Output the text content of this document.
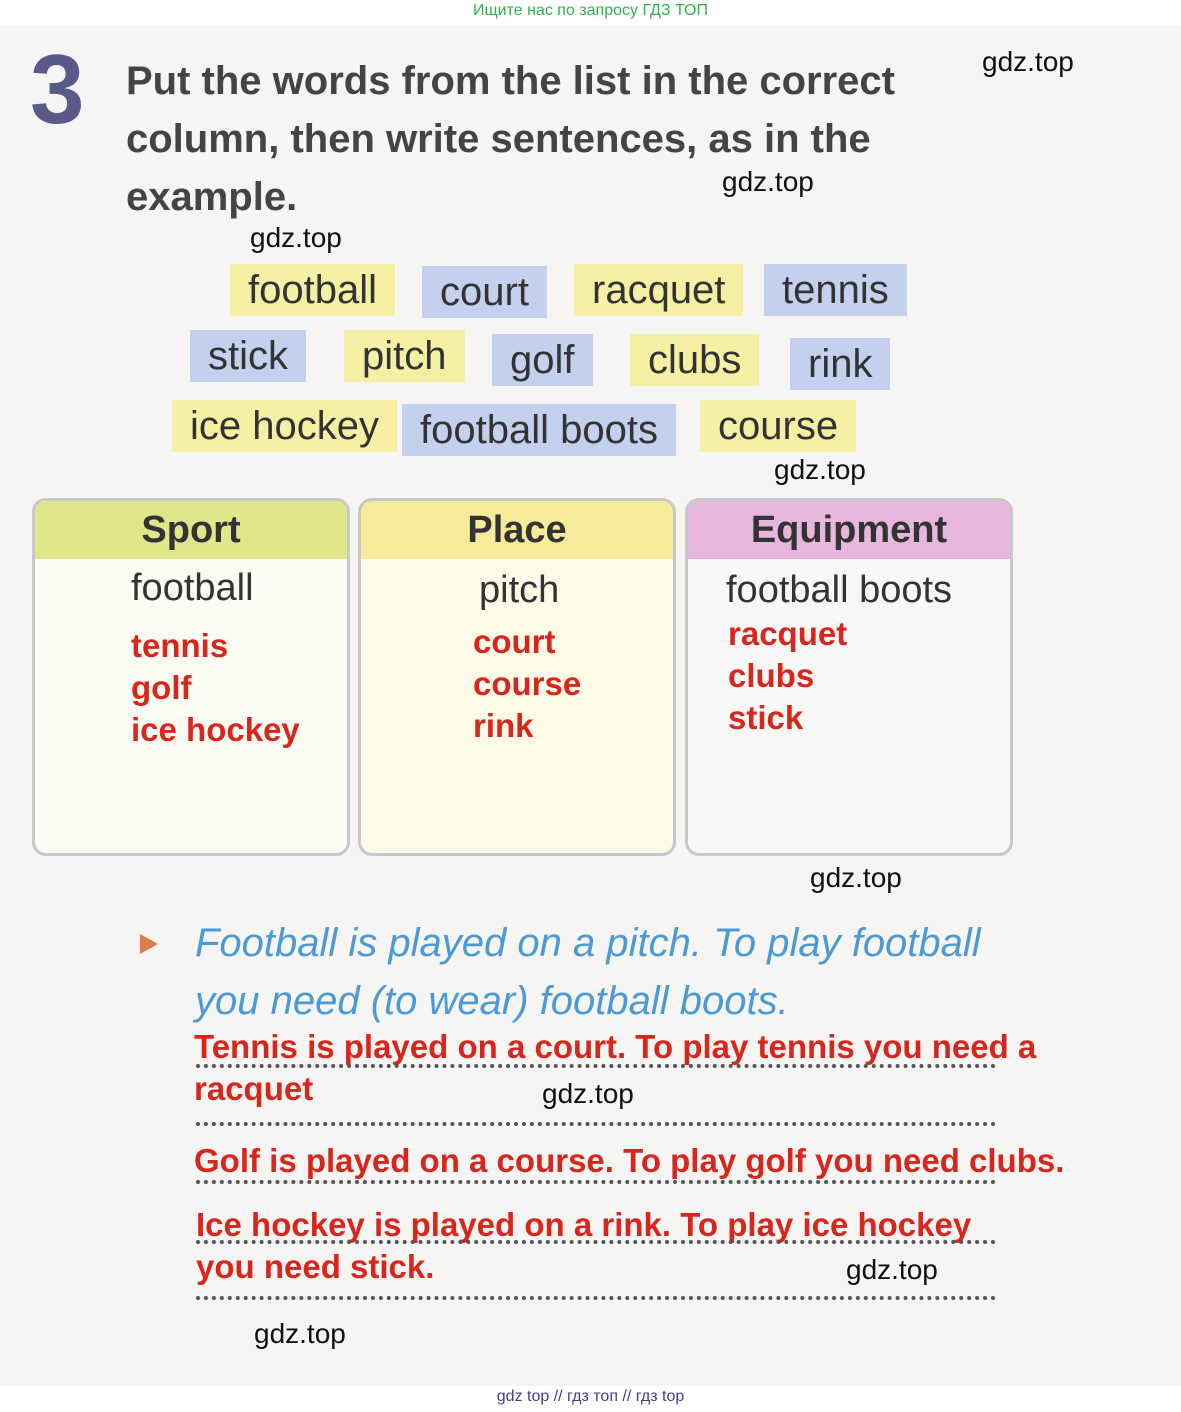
Ищите нас по запросу ГДЗ ТОП
3 Put the words from the list in the correct column, then write sentences, as in the example.
gdz.top
gdz.top
gdz.top
gdz.top
gdz.top
gdz.top
gdz.top
gdz.top
football	court	racquet	tennis
stick	pitch	golf	clubs	rink
ice hockey	football boots	course
Sport
football
tennis
golf
ice hockey
Place
pitch
court
course
rink
Equipment
football boots
racquet
clubs
stick
Football is played on a pitch. To play football
you need (to wear) football boots.
Tennis is played on a court. To play tennis you need a
racquet
Golf is played on a course. To play golf you need clubs.
Ice hockey is played on a rink. To play ice hockey
you need stick.
gdz top // гдз топ // гдз top
